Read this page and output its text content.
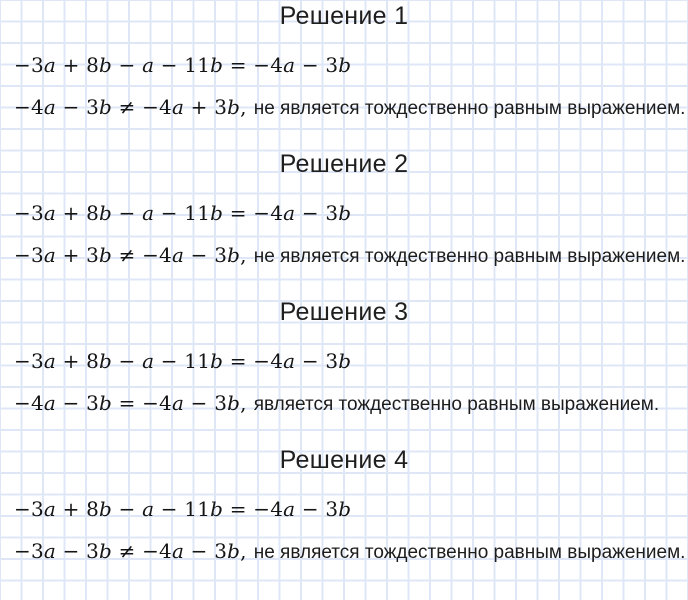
Решение 1
−3a + 8b − a − 11b = −4a − 3b
−4a − 3b ≠ −4a + 3b, не является тождественно равным выражением.
Решение 2
−3a + 8b − a − 11b = −4a − 3b
−3a + 3b ≠ −4a − 3b, не является тождественно равным выражением.
Решение 3
−3a + 8b − a − 11b = −4a − 3b
−4a − 3b = −4a − 3b, является тождественно равным выражением.
Решение 4
−3a + 8b − a − 11b = −4a − 3b
−3a − 3b ≠ −4a − 3b, не является тождественно равным выражением.
